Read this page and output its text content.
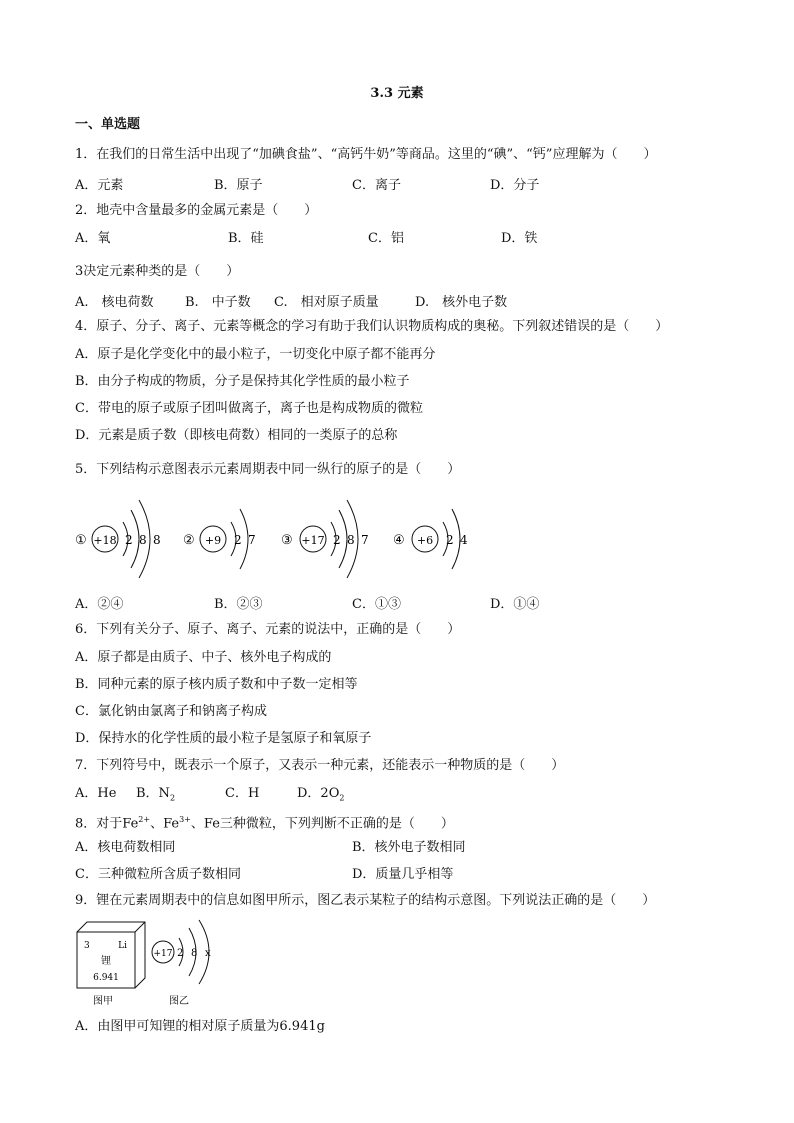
3.3 元素
一、单选题
1．在我们的日常生活中出现了“加碘食盐”、“高钙牛奶”等商品。这里的“碘”、“钙”应理解为（　　）
A．元素	B．原子	C．离子	D．分子
2．地壳中含量最多的金属元素是（　　）
A．氧	B．硅	C．铝	D．铁
3决定元素种类的是（　　）
A.　核电荷数 B.　中子数 C.　相对原子质量	D.　核外电子数
4．原子、分子、离子、元素等概念的学习有助于我们认识物质构成的奥秘。下列叙述错误的是（　　）
A．原子是化学变化中的最小粒子，一切变化中原子都不能再分
B．由分子构成的物质，分子是保持其化学性质的最小粒子
C．带电的原子或原子团叫做离子，离子也是构成物质的微粒
D．元素是质子数（即核电荷数）相同的一类原子的总称
5．下列结构示意图表示元素周期表中同一纵行的原子的是（　　）
① +18 2 8 8 ② +9 2 7 ③ +17 2 8 7 ④ +6 2 4
A．②④	B．②③	C．①③	D．①④
6．下列有关分子、原子、离子、元素的说法中，正确的是（　　）
A．原子都是由质子、中子、核外电子构成的
B．同种元素的原子核内质子数和中子数一定相等
C．氯化钠由氯离子和钠离子构成
D．保持水的化学性质的最小粒子是氢原子和氧原子
7．下列符号中，既表示一个原子，又表示一种元素，还能表示一种物质的是（　　）
A．He B．$N_2$	C．H	D．$2O_2$
8．对于$Fe^{2+}$、$Fe^{3+}$、Fe三种微粒，下列判断不正确的是（　　）
A．核电荷数相同	B．核外电子数相同
C．三种微粒所含质子数相同	D．质量几乎相等
9．锂在元素周期表中的信息如图甲所示，图乙表示某粒子的结构示意图。下列说法正确的是（　　）
3	Li
锂
6.941
图甲
+17 2 8 x
图乙
A．由图甲可知锂的相对原子质量为6.941g
